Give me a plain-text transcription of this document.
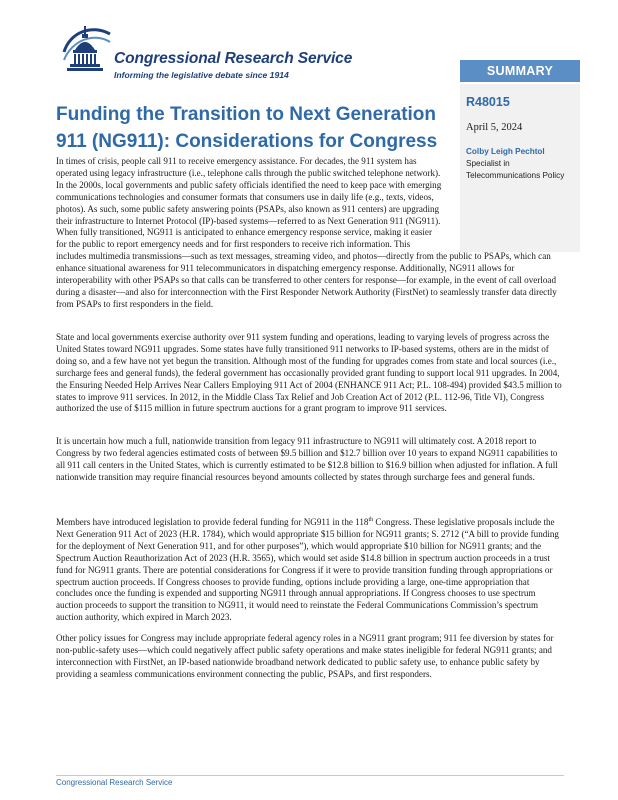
Congressional Research Service
Informing the legislative debate since 1914	SUMMARY
R48015
April 5, 2024
Colby Leigh Pechtol
Specialist in Telecommunications Policy
Funding the Transition to Next Generation 911 (NG911): Considerations for Congress

In times of crisis, people call 911 to receive emergency assistance. For decades, the 911 system has operated using legacy infrastructure (i.e., telephone calls through the public switched telephone network). In the 2000s, local governments and public safety officials identified the need to keep pace with emerging communications technologies and consumer formats that consumers use in daily life (e.g., texts, videos, photos). As such, some public safety answering points (PSAPs, also known as 911 centers) are upgrading their infrastructure to Internet Protocol (IP)-based systems—referred to as Next Generation 911 (NG911). When fully transitioned, NG911 is anticipated to enhance emergency response service, making it easier for the public to report emergency needs and for first responders to receive rich information. This includes multimedia transmissions—such as text messages, streaming video, and photos—directly from the public to PSAPs, which can enhance situational awareness for 911 telecommunicators in dispatching emergency response. Additionally, NG911 allows for interoperability with other PSAPs so that calls can be transferred to other centers for response—for example, in the event of call overload during a disaster—and also for interconnection with the First Responder Network Authority (FirstNet) to seamlessly transfer data directly from PSAPs to first responders in the field.

State and local governments exercise authority over 911 system funding and operations, leading to varying levels of progress across the United States toward NG911 upgrades. Some states have fully transitioned 911 networks to IP-based systems, others are in the midst of doing so, and a few have not yet begun the transition. Although most of the funding for upgrades comes from state and local sources (i.e., surcharge fees and general funds), the federal government has occasionally provided grant funding to support local 911 upgrades. In 2004, the Ensuring Needed Help Arrives Near Callers Employing 911 Act of 2004 (ENHANCE 911 Act; P.L. 108-494) provided $43.5 million to states to improve 911 services. In 2012, in the Middle Class Tax Relief and Job Creation Act of 2012 (P.L. 112-96, Title VI), Congress authorized the use of $115 million in future spectrum auctions for a grant program to improve 911 services.

It is uncertain how much a full, nationwide transition from legacy 911 infrastructure to NG911 will ultimately cost. A 2018 report to Congress by two federal agencies estimated costs of between $9.5 billion and $12.7 billion over 10 years to expand NG911 capabilities to all 911 call centers in the United States, which is currently estimated to be $12.8 billion to $16.9 billion when adjusted for inflation. A full nationwide transition may require financial resources beyond amounts collected by states through surcharge fees and general funds.

Members have introduced legislation to provide federal funding for NG911 in the 118th Congress. These legislative proposals include the Next Generation 911 Act of 2023 (H.R. 1784), which would appropriate $15 billion for NG911 grants; S. 2712 (“A bill to provide funding for the deployment of Next Generation 911, and for other purposes”), which would appropriate $10 billion for NG911 grants; and the Spectrum Auction Reauthorization Act of 2023 (H.R. 3565), which would set aside $14.8 billion in spectrum auction proceeds in a trust fund for NG911 grants. There are potential considerations for Congress if it were to provide transition funding through appropriations or spectrum auction proceeds. If Congress chooses to provide funding, options include providing a large, one-time appropriation that concludes once the funding is expended and supporting NG911 through annual appropriations. If Congress chooses to use spectrum auction proceeds to support the transition to NG911, it would need to reinstate the Federal Communications Commission’s spectrum auction authority, which expired in March 2023.

Other policy issues for Congress may include appropriate federal agency roles in a NG911 grant program; 911 fee diversion by states for non-public-safety uses—which could negatively affect public safety operations and make states ineligible for federal NG911 grants; and interconnection with FirstNet, an IP-based nationwide broadband network dedicated to public safety use, to enhance public safety by providing a seamless communications environment connecting the public, PSAPs, and first responders.

Congressional Research Service
